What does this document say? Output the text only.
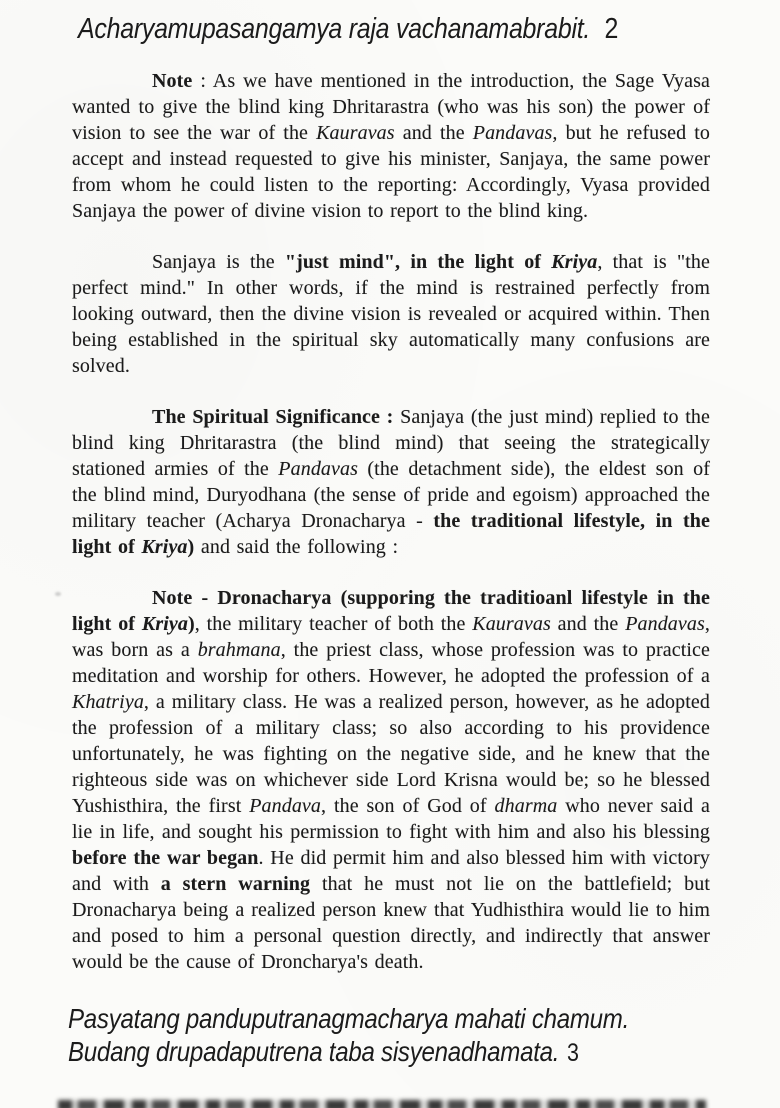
Acharyamupasangamya raja vachanamabrabit. 2

Note : As we have mentioned in the introduction, the Sage Vyasa wanted to give the blind king Dhritarastra (who was his son) the power of vision to see the war of the Kauravas and the Pandavas, but he refused to accept and instead requested to give his minister, Sanjaya, the same power from whom he could listen to the reporting: Accordingly, Vyasa provided Sanjaya the power of divine vision to report to the blind king.

Sanjaya is the "just mind", in the light of Kriya, that is "the perfect mind." In other words, if the mind is restrained perfectly from looking outward, then the divine vision is revealed or acquired within. Then being established in the spiritual sky automatically many confusions are solved.

The Spiritual Significance : Sanjaya (the just mind) replied to the blind king Dhritarastra (the blind mind) that seeing the strategically stationed armies of the Pandavas (the detachment side), the eldest son of the blind mind, Duryodhana (the sense of pride and egoism) approached the military teacher (Acharya Dronacharya - the traditional lifestyle, in the light of Kriya) and said the following :

Note - Dronacharya (supporing the traditioanl lifestyle in the light of Kriya), the military teacher of both the Kauravas and the Pandavas, was born as a brahmana, the priest class, whose profession was to practice meditation and worship for others. However, he adopted the profession of a Khatriya, a military class. He was a realized person, however, as he adopted the profession of a military class; so also according to his providence unfortunately, he was fighting on the negative side, and he knew that the righteous side was on whichever side Lord Krisna would be; so he blessed Yushisthira, the first Pandava, the son of God of dharma who never said a lie in life, and sought his permission to fight with him and also his blessing before the war began. He did permit him and also blessed him with victory and with a stern warning that he must not lie on the battlefield; but Dronacharya being a realized person knew that Yudhisthira would lie to him and posed to him a personal question directly, and indirectly that answer would be the cause of Droncharya's death.

Pasyatang panduputranagmacharya mahati chamum.
Budang drupadaputrena taba sisyenadhamata. 3
